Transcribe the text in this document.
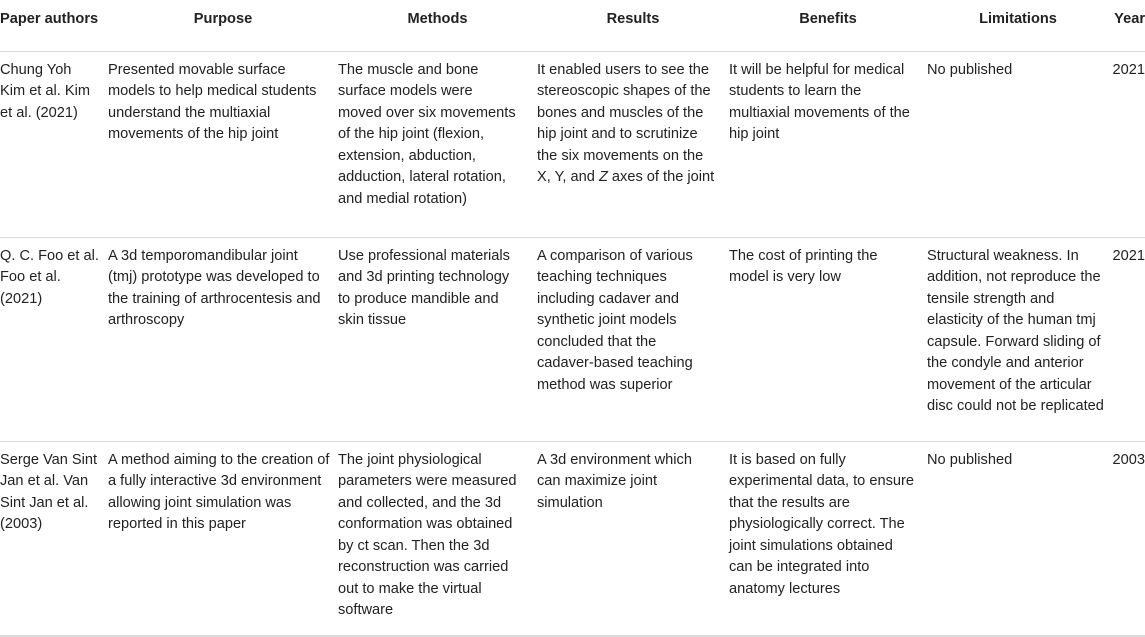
Paper authors	Purpose	Methods	Results	Benefits	Limitations	Year

Chung Yoh Kim et al. Kim et al. (2021)	Presented movable surface models to help medical students understand the multiaxial movements of the hip joint	The muscle and bone surface models were moved over six movements of the hip joint (flexion, extension, abduction, adduction, lateral rotation, and medial rotation)	It enabled users to see the stereoscopic shapes of the bones and muscles of the hip joint and to scrutinize the six movements on the X, Y, and Z axes of the joint	It will be helpful for medical students to learn the multiaxial movements of the hip joint	No published	2021

Q. C. Foo et al. Foo et al. (2021)	A 3d temporomandibular joint (tmj) prototype was developed to the training of arthrocentesis and arthroscopy	Use professional materials and 3d printing technology to produce mandible and skin tissue	A comparison of various teaching techniques including cadaver and synthetic joint models concluded that the cadaver-based teaching method was superior	The cost of printing the model is very low	Structural weakness. In addition, not reproduce the tensile strength and elasticity of the human tmj capsule. Forward sliding of the condyle and anterior movement of the articular disc could not be replicated	2021

Serge Van Sint Jan et al. Van Sint Jan et al. (2003)	A method aiming to the creation of a fully interactive 3d environment allowing joint simulation was reported in this paper	The joint physiological parameters were measured and collected, and the 3d conformation was obtained by ct scan. Then the 3d reconstruction was carried out to make the virtual software	A 3d environment which can maximize joint simulation	It is based on fully experimental data, to ensure that the results are physiologically correct. The joint simulations obtained can be integrated into anatomy lectures	No published	2003
